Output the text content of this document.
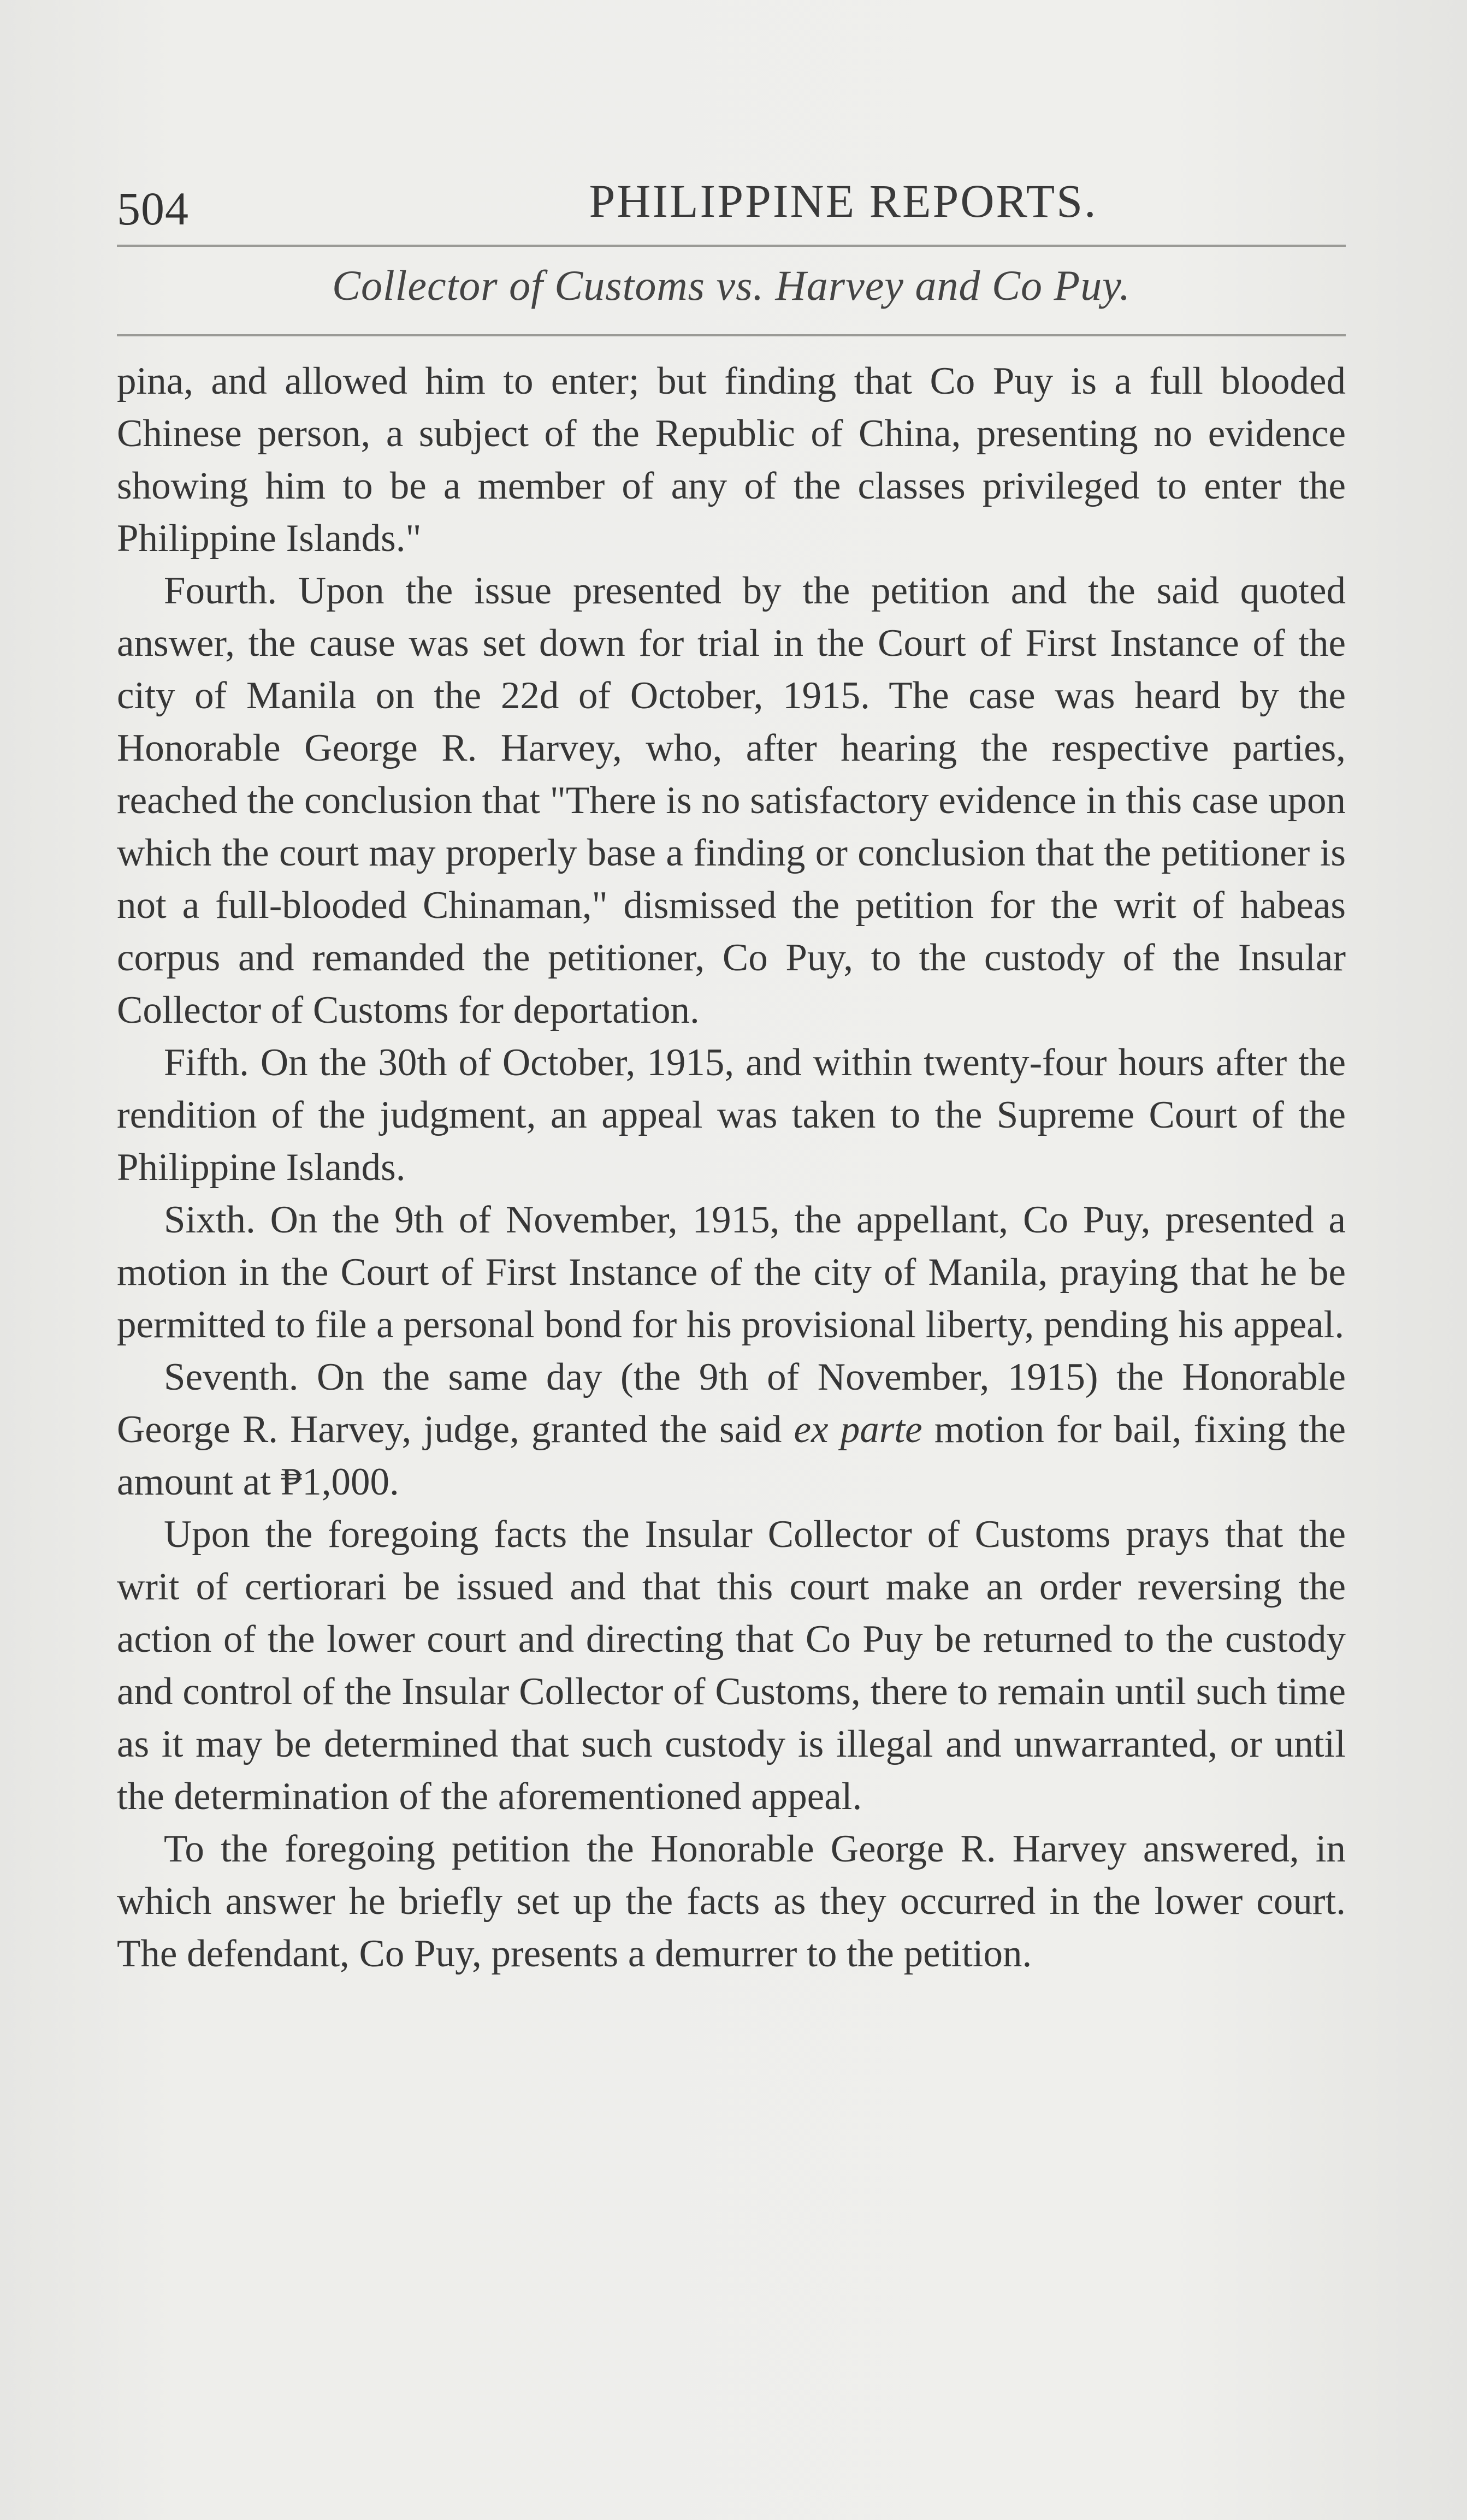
504	PHILIPPINE REPORTS.
Collector of Customs vs. Harvey and Co Puy.

pina, and allowed him to enter; but finding that Co Puy is a full blooded Chinese person, a subject of the Republic of China, presenting no evidence showing him to be a member of any of the classes privileged to enter the Philippine Islands."

Fourth. Upon the issue presented by the petition and the said quoted answer, the cause was set down for trial in the Court of First Instance of the city of Manila on the 22d of October, 1915. The case was heard by the Honorable George R. Harvey, who, after hearing the respective parties, reached the conclusion that "There is no satisfactory evidence in this case upon which the court may properly base a finding or conclusion that the petitioner is not a full-blooded Chinaman," dismissed the petition for the writ of habeas corpus and remanded the petitioner, Co Puy, to the custody of the Insular Collector of Customs for deportation.

Fifth. On the 30th of October, 1915, and within twenty-four hours after the rendition of the judgment, an appeal was taken to the Supreme Court of the Philippine Islands.

Sixth. On the 9th of November, 1915, the appellant, Co Puy, presented a motion in the Court of First Instance of the city of Manila, praying that he be permitted to file a personal bond for his provisional liberty, pending his appeal.

Seventh. On the same day (the 9th of November, 1915) the Honorable George R. Harvey, judge, granted the said ex parte motion for bail, fixing the amount at ₱1,000.

Upon the foregoing facts the Insular Collector of Customs prays that the writ of certiorari be issued and that this court make an order reversing the action of the lower court and directing that Co Puy be returned to the custody and control of the Insular Collector of Customs, there to remain until such time as it may be determined that such custody is illegal and unwarranted, or until the determination of the aforementioned appeal.

To the foregoing petition the Honorable George R. Harvey answered, in which answer he briefly set up the facts as they occurred in the lower court. The defendant, Co Puy, presents a demurrer to the petition.
